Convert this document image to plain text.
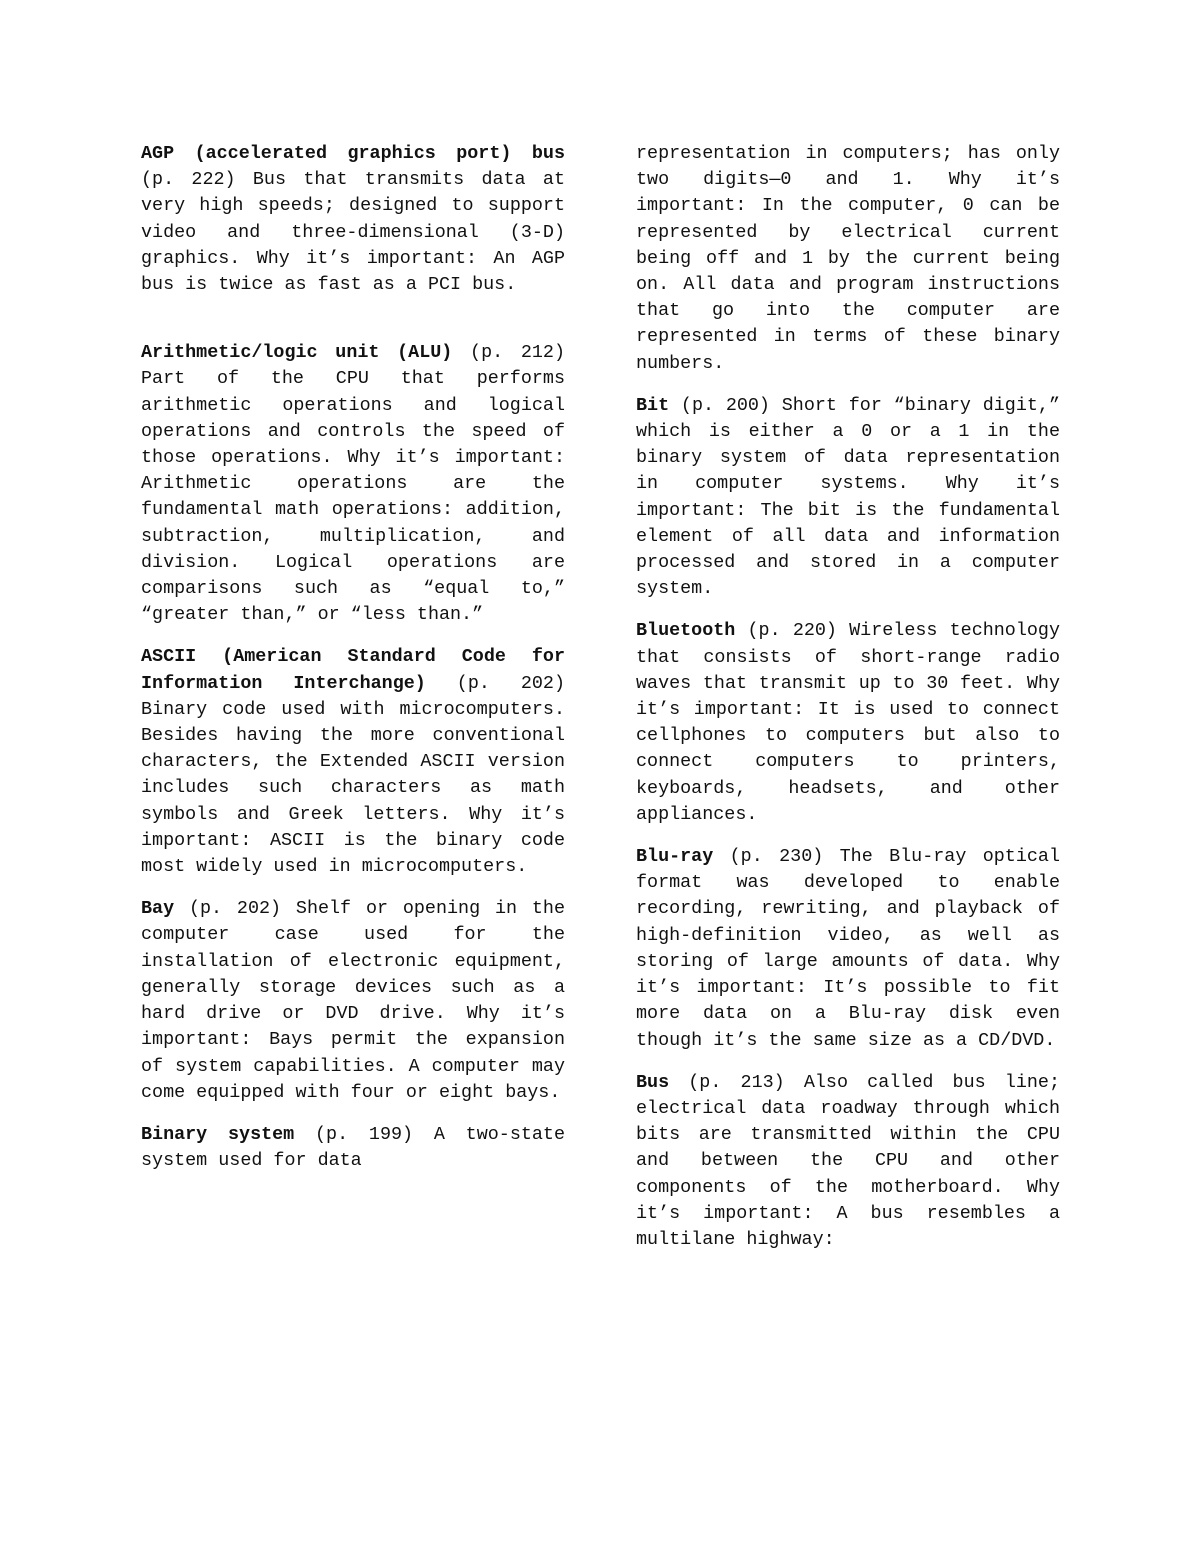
AGP (accelerated graphics port) bus (p. 222) Bus that transmits data at very high speeds; designed to support video and three-dimensional (3-D) graphics. Why it’s important: An AGP bus is twice as fast as a PCI bus.

Arithmetic/logic unit (ALU) (p. 212) Part of the CPU that performs arithmetic operations and logical operations and controls the speed of those operations. Why it’s important: Arithmetic operations are the fundamental math operations: addition, subtraction, multiplication, and division. Logical operations are comparisons such as “equal to,” “greater than,” or “less than.”

ASCII (American Standard Code for Information Interchange) (p. 202) Binary code used with microcomputers. Besides having the more conventional characters, the Extended ASCII version includes such characters as math symbols and Greek letters. Why it’s important: ASCII is the binary code most widely used in microcomputers.

Bay (p. 202) Shelf or opening in the computer case used for the installation of electronic equipment, generally storage devices such as a hard drive or DVD drive. Why it’s important: Bays permit the expansion of system capabilities. A computer may come equipped with four or eight bays.

Binary system (p. 199) A two-state system used for data

representation in computers; has only two digits—0 and 1. Why it’s important: In the computer, 0 can be represented by electrical current being off and 1 by the current being on. All data and program instructions that go into the computer are represented in terms of these binary numbers.

Bit (p. 200) Short for “binary digit,” which is either a 0 or a 1 in the binary system of data representation in computer systems. Why it’s important: The bit is the fundamental element of all data and information processed and stored in a computer system.

Bluetooth (p. 220) Wireless technology that consists of short-range radio waves that transmit up to 30 feet. Why it’s important: It is used to connect cellphones to computers but also to connect computers to printers, keyboards, headsets, and other appliances.

Blu-ray (p. 230) The Blu-ray optical format was developed to enable recording, rewriting, and playback of high-definition video, as well as storing of large amounts of data. Why it’s important: It’s possible to fit more data on a Blu-ray disk even though it’s the same size as a CD/DVD.

Bus (p. 213) Also called bus line; electrical data roadway through which bits are transmitted within the CPU and between the CPU and other components of the motherboard. Why it’s important: A bus resembles a multilane highway:
